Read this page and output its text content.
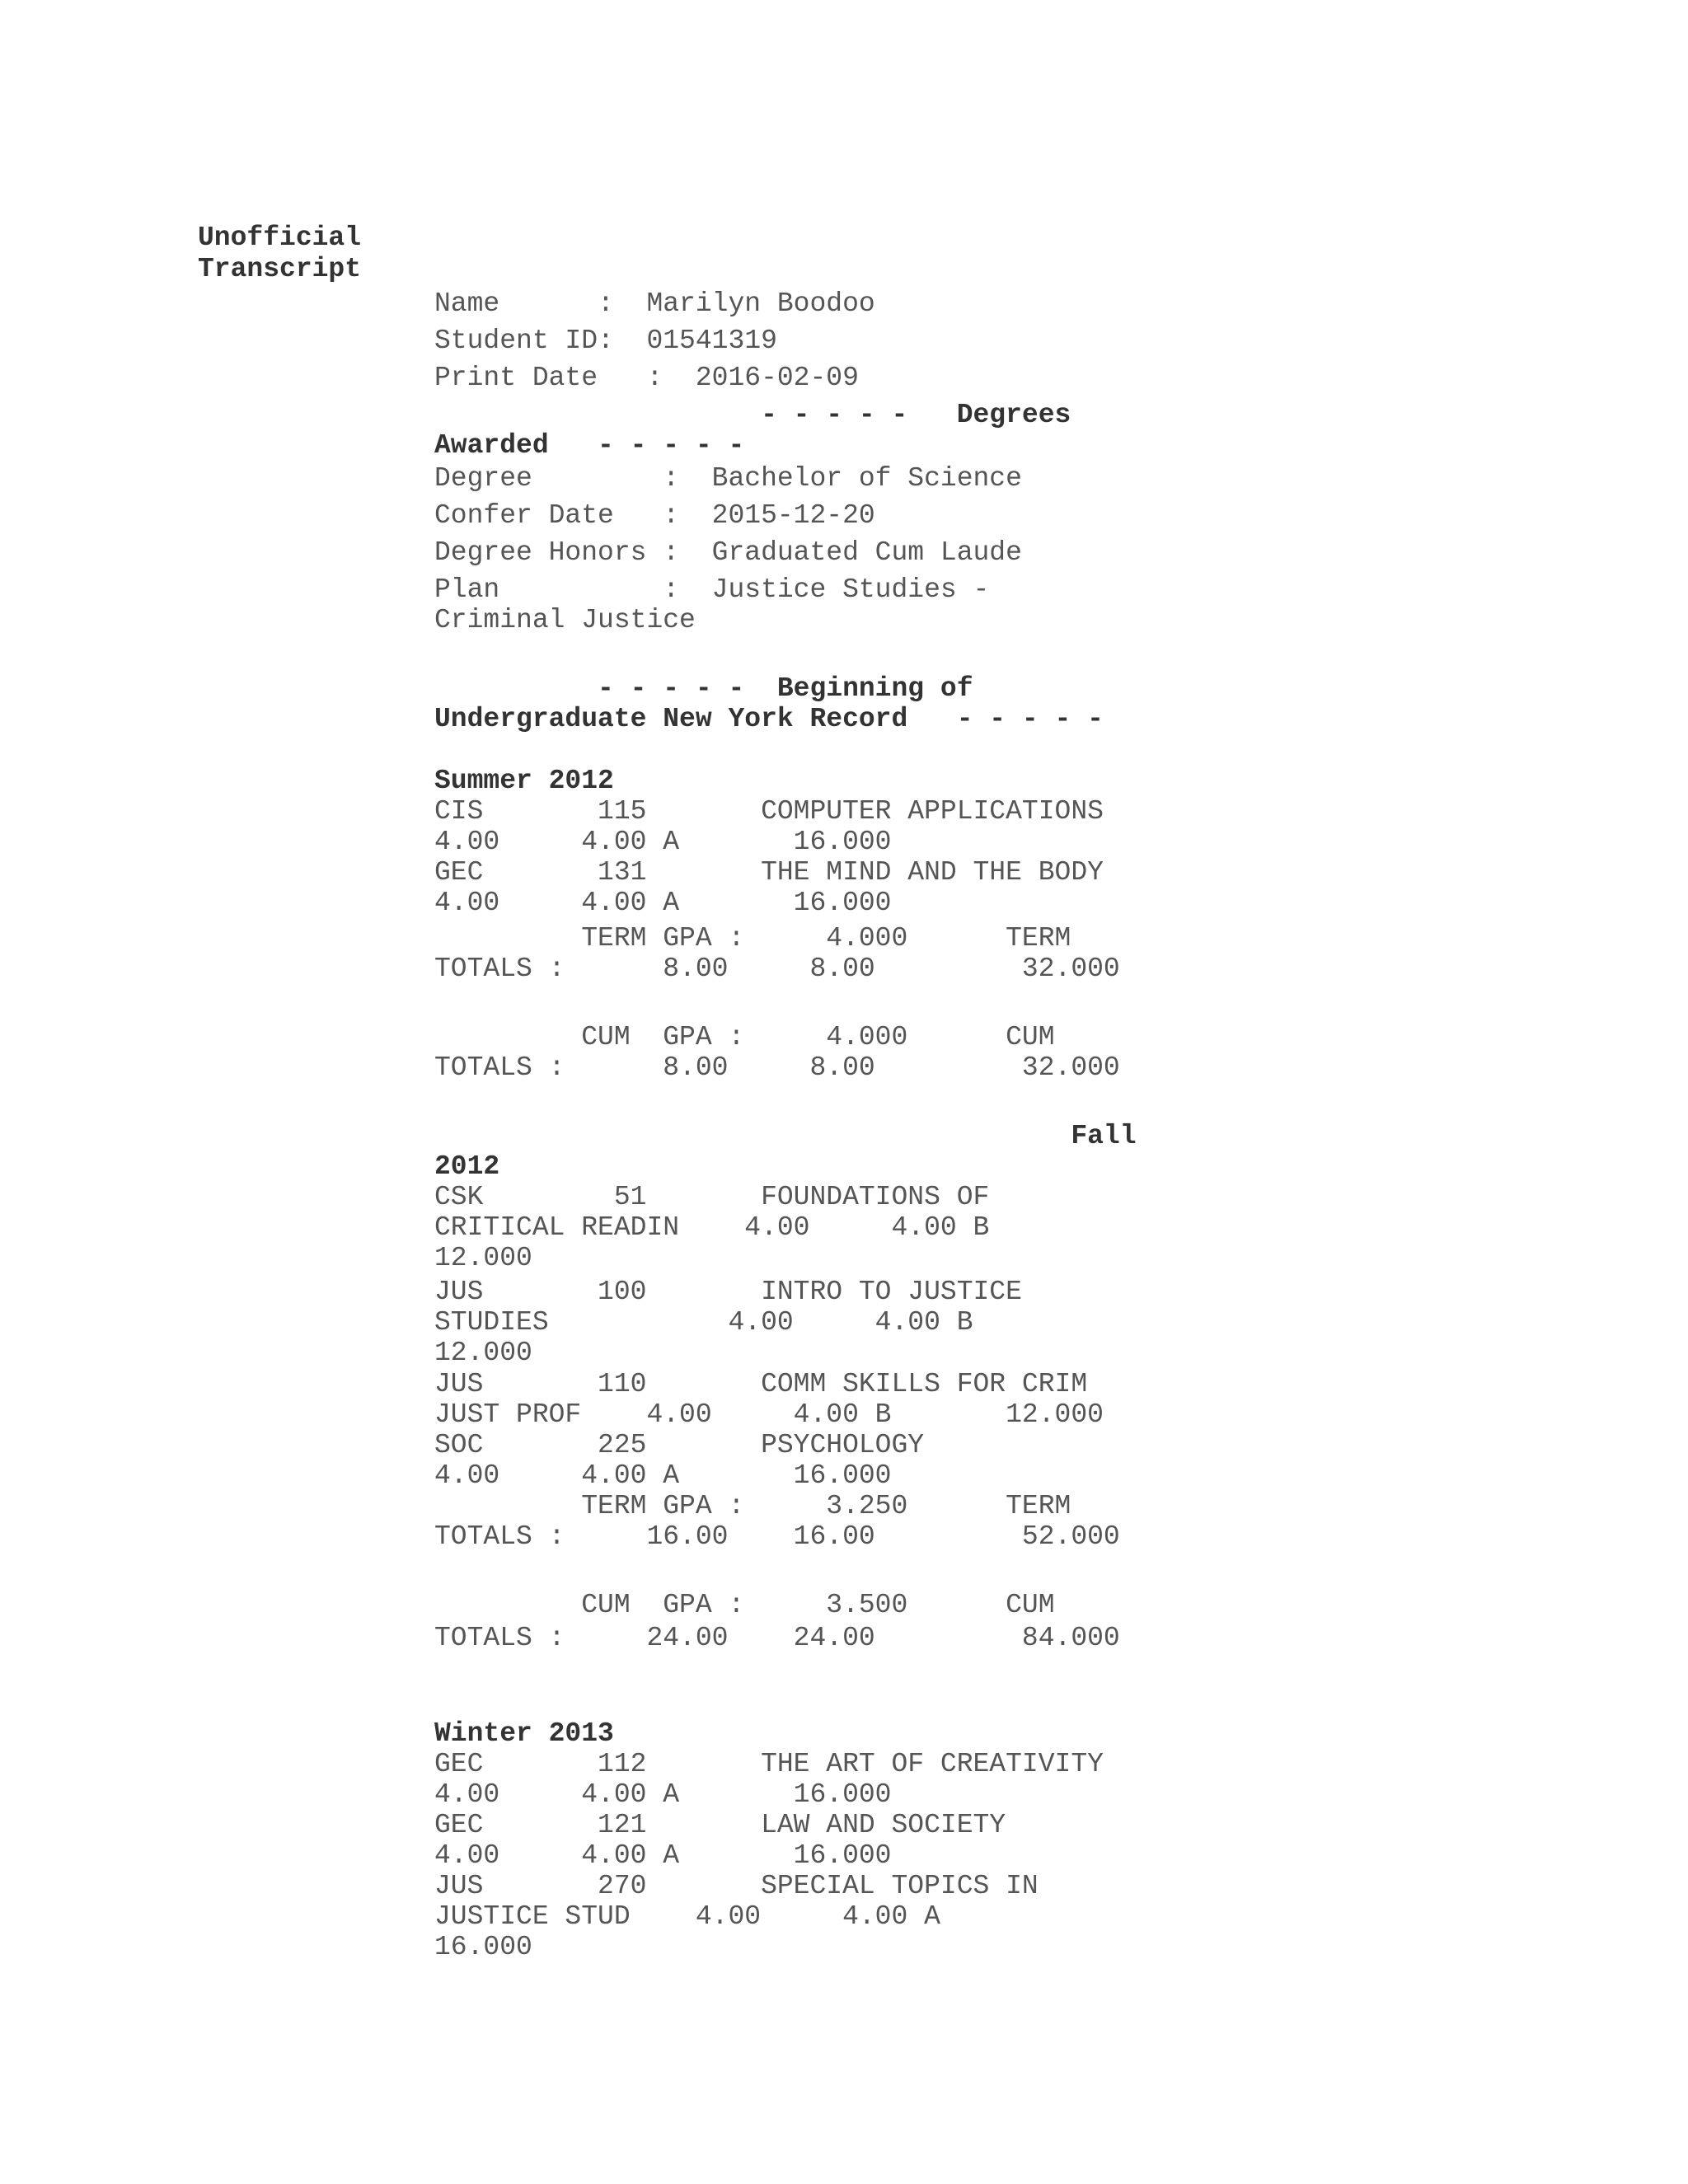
Unofficial
Transcript
Name      :  Marilyn Boodoo
Student ID:  01541319
Print Date   :  2016-02-09
- - - - -   Degrees
Awarded   - - - - -
Degree        :  Bachelor of Science
Confer Date   :  2015-12-20
Degree Honors :  Graduated Cum Laude
Plan          :  Justice Studies -
Criminal Justice
- - - - -  Beginning of
Undergraduate New York Record   - - - - -
Summer 2012
CIS       115       COMPUTER APPLICATIONS
4.00     4.00 A       16.000
GEC       131       THE MIND AND THE BODY
4.00     4.00 A       16.000
TERM GPA :     4.000      TERM
TOTALS :      8.00     8.00         32.000
CUM  GPA :     4.000      CUM
TOTALS :      8.00     8.00         32.000
Fall
2012
CSK        51       FOUNDATIONS OF
CRITICAL READIN    4.00     4.00 B
12.000
JUS       100       INTRO TO JUSTICE
STUDIES           4.00     4.00 B
12.000
JUS       110       COMM SKILLS FOR CRIM
JUST PROF    4.00     4.00 B       12.000
SOC       225       PSYCHOLOGY
4.00     4.00 A       16.000
TERM GPA :     3.250      TERM
TOTALS :     16.00    16.00         52.000
CUM  GPA :     3.500      CUM
TOTALS :     24.00    24.00         84.000
Winter 2013
GEC       112       THE ART OF CREATIVITY
4.00     4.00 A       16.000
GEC       121       LAW AND SOCIETY
4.00     4.00 A       16.000
JUS       270       SPECIAL TOPICS IN
JUSTICE STUD    4.00     4.00 A
16.000
